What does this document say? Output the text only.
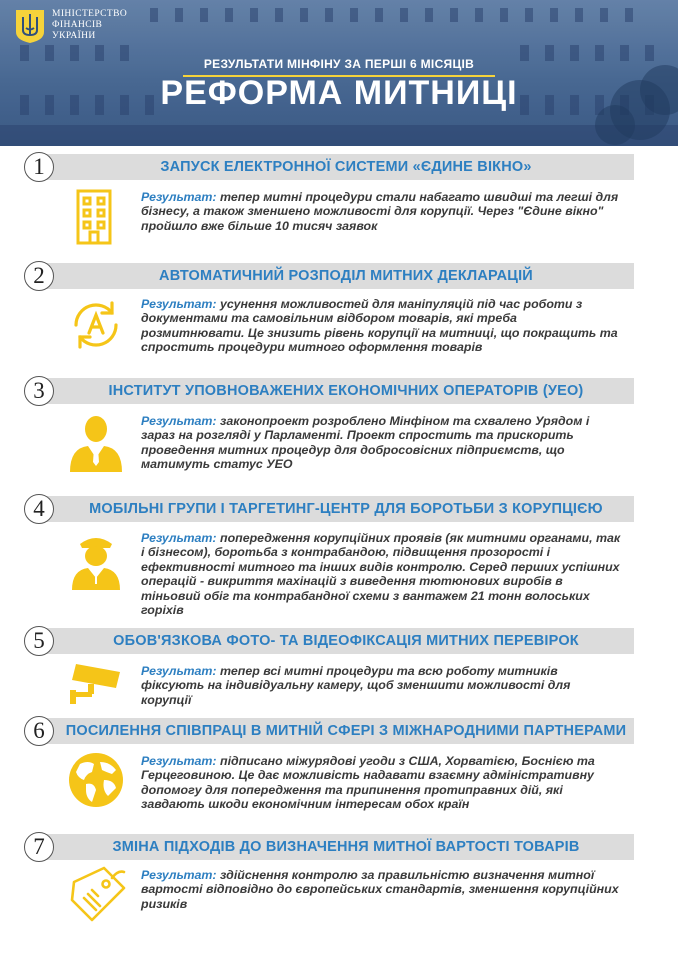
МІНІСТЕРСТВО
ФІНАНСІВ
УКРАЇНИ
РЕЗУЛЬТАТИ МІНФІНУ ЗА ПЕРШІ 6 МІСЯЦІВ
РЕФОРМА МИТНИЦІ
ЗАПУСК ЕЛЕКТРОННОЇ СИСТЕМИ «ЄДИНЕ ВІКНО»
1
Результат: тепер митні процедури стали набагато швидші та легші для бізнесу, а також зменшено можливості для корупції. Через "Єдине вікно" пройшло вже більше 10 тисяч заявок
АВТОМАТИЧНИЙ РОЗПОДІЛ МИТНИХ ДЕКЛАРАЦІЙ
2
Результат: усунення можливостей для маніпуляцій під час роботи з документами та самовільним відбором товарів, які треба розмитнювати. Це знизить рівень корупції на митниці, що покращить та спростить процедури митного оформлення товарів
ІНСТИТУТ УПОВНОВАЖЕНИХ ЕКОНОМІЧНИХ ОПЕРАТОРІВ (УЕО)
3
Результат: законопроект розроблено Мінфіном та схвалено Урядом і зараз на розгляді у Парламенті. Проект спростить та прискорить проведення митних процедур для добросовісних підприємств, що матимуть статус УЕО
МОБІЛЬНІ ГРУПИ І ТАРГЕТИНГ-ЦЕНТР ДЛЯ БОРОТЬБИ З КОРУПЦІЄЮ
4
Результат: попередження корупційних проявів (як митними органами, так і бізнесом), боротьба з контрабандою, підвищення прозорості і ефективності митного та інших видів контролю. Серед перших успішних операцій - викриття махінацій з виведення тютюнових виробів в тіньовий обіг та контрабандної схеми з вантажем 21 тонн волоських горіхів
ОБОВ'ЯЗКОВА ФОТО- ТА ВІДЕОФІКСАЦІЯ МИТНИХ ПЕРЕВІРОК
5
Результат: тепер всі митні процедури та всю роботу митників фіксують на індивідуальну камеру, щоб зменшити можливості для корупції
ПОСИЛЕННЯ СПІВПРАЦІ В МИТНІЙ СФЕРІ З МІЖНАРОДНИМИ ПАРТНЕРАМИ
6
Результат: підписано міжурядові угоди з США, Хорватією, Боснією та Герцеговиною. Це дає можливість надавати взаємну адміністративну допомогу для попередження та припинення протиправних дій, які завдають шкоди економічним інтересам обох країн
ЗМІНА ПІДХОДІВ ДО ВИЗНАЧЕННЯ МИТНОЇ ВАРТОСТІ ТОВАРІВ
7
Результат: здійснення контролю за правильністю визначення митної вартості відповідно до європейських стандартів, зменшення корупційних ризиків
